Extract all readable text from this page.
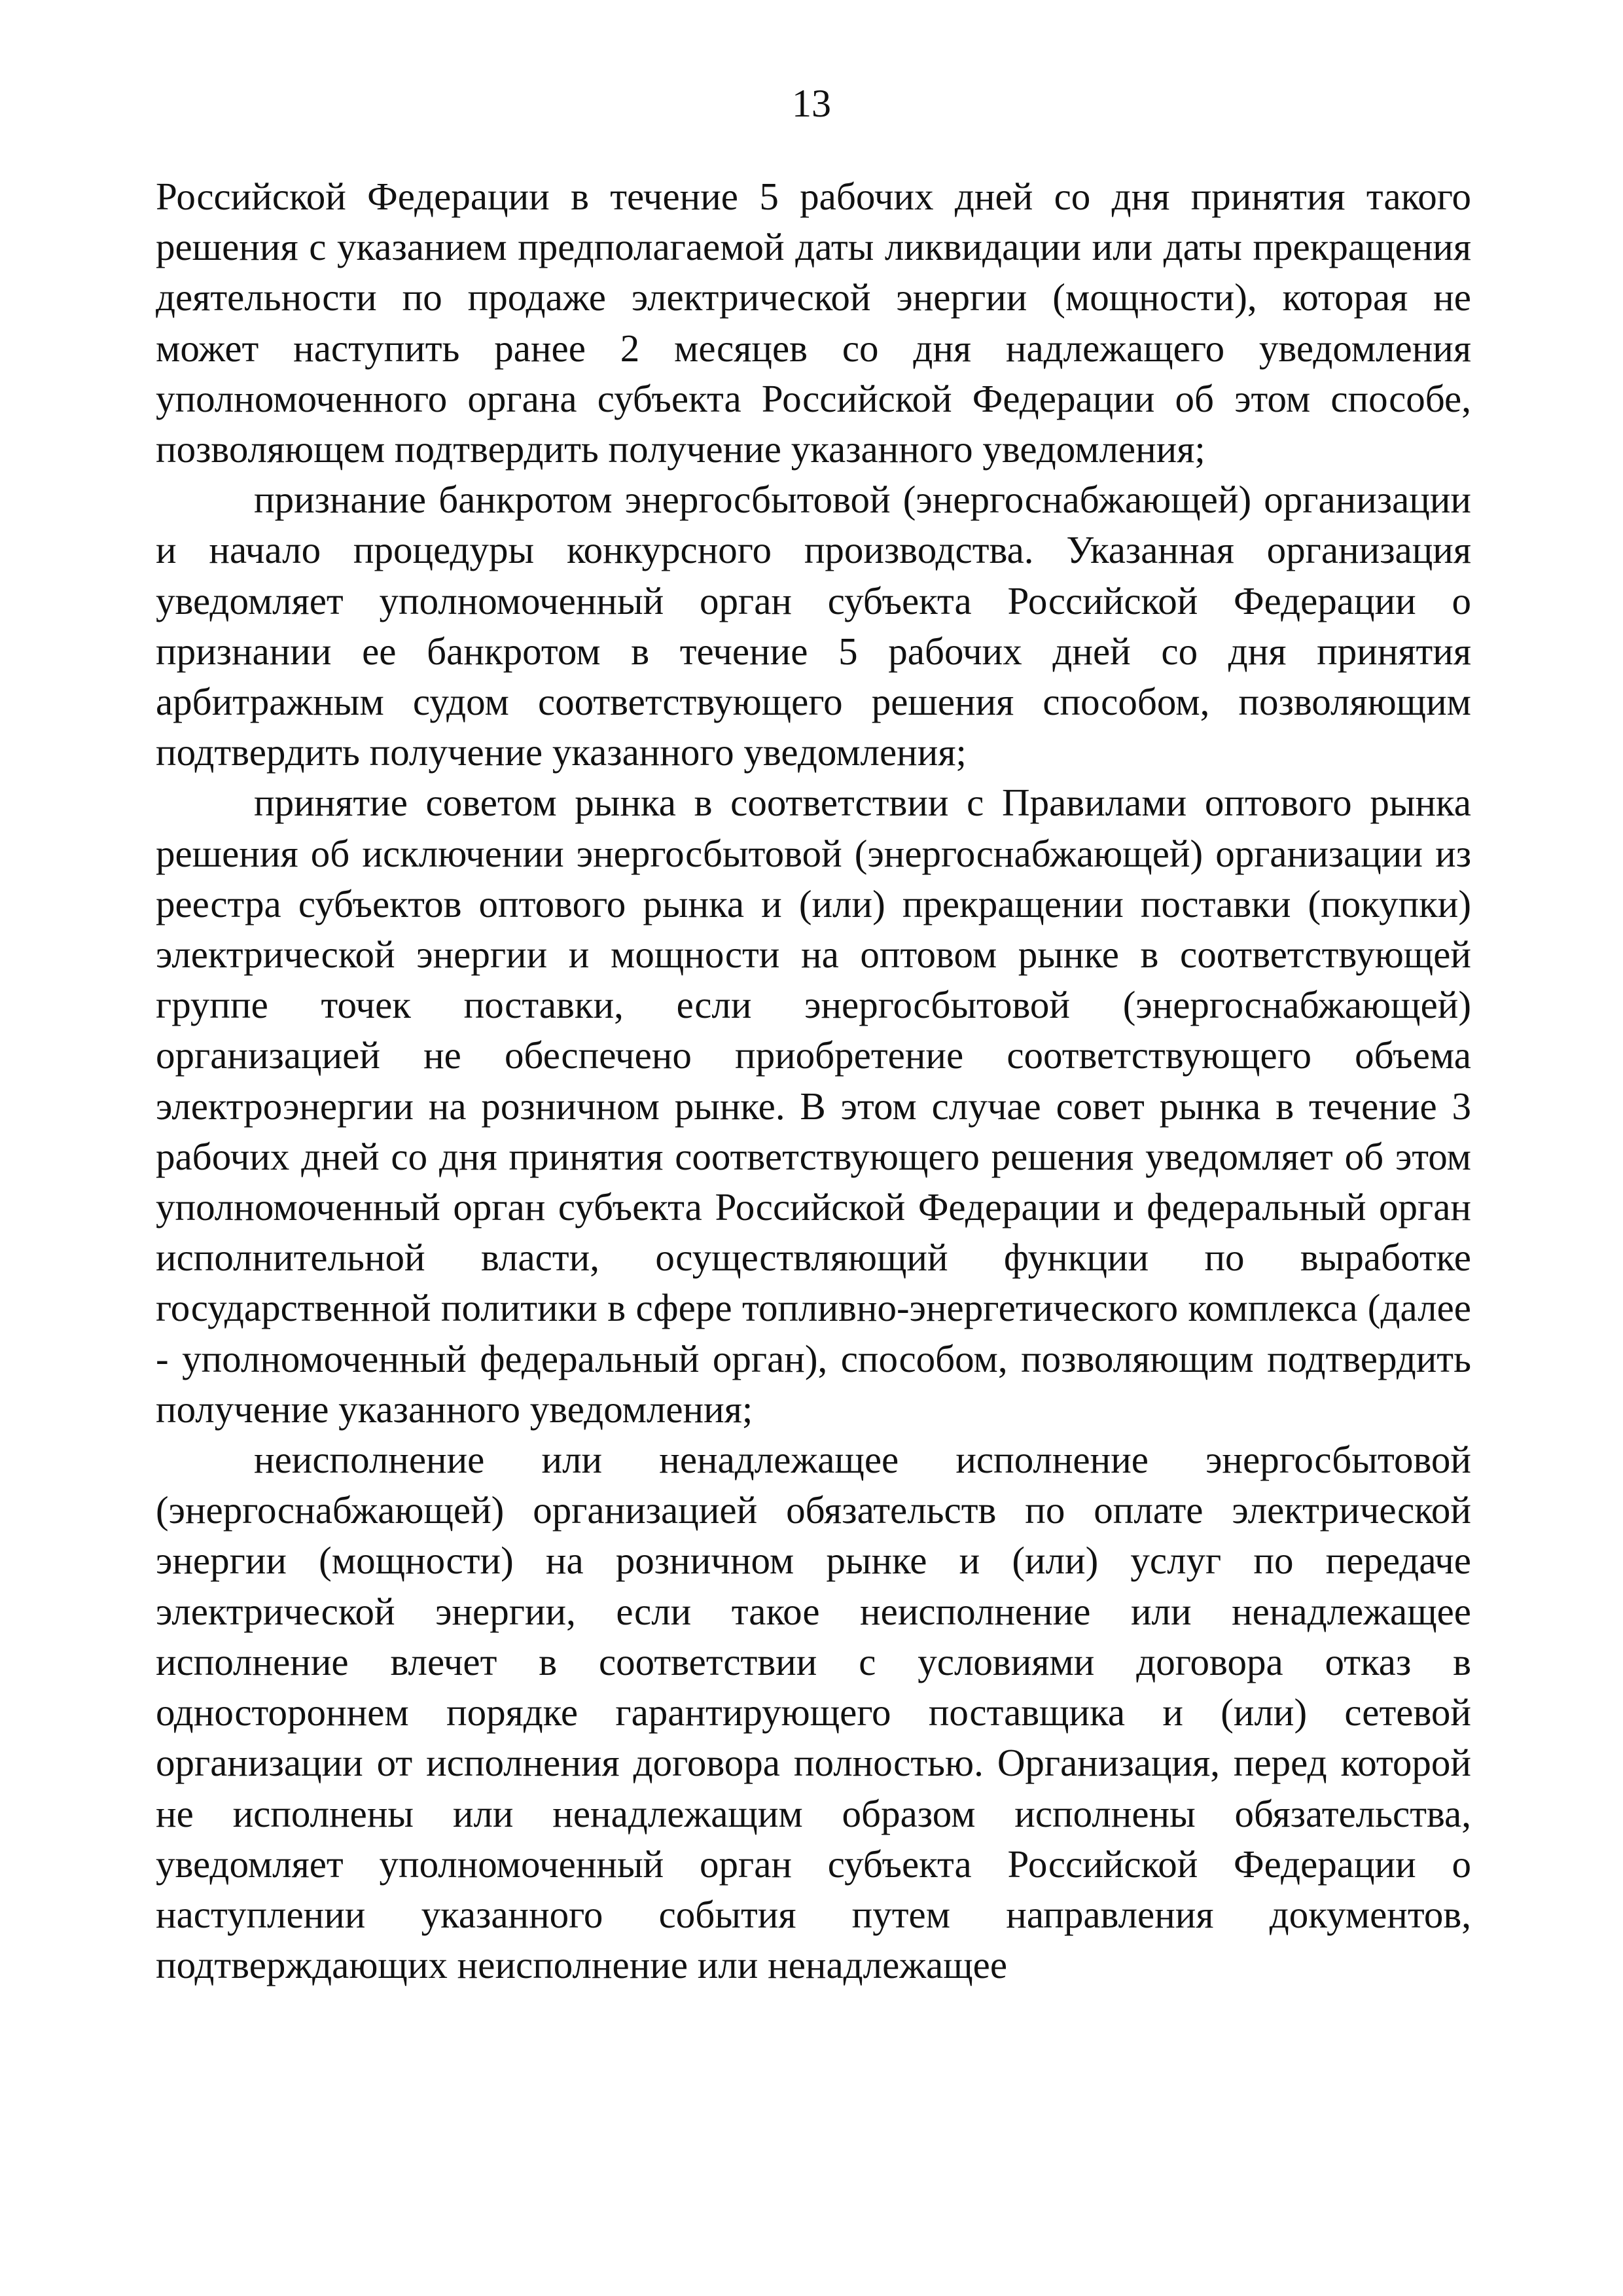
13

Российской Федерации в течение 5 рабочих дней со дня принятия такого решения с указанием предполагаемой даты ликвидации или даты прекращения деятельности по продаже электрической энергии (мощности), которая не может наступить ранее 2 месяцев со дня надлежащего уведомления уполномоченного органа субъекта Российской Федерации об этом способе, позволяющем подтвердить получение указанного уведомления;

признание банкротом энергосбытовой (энергоснабжающей) организации и начало процедуры конкурсного производства. Указанная организация уведомляет уполномоченный орган субъекта Российской Федерации о признании ее банкротом в течение 5 рабочих дней со дня принятия арбитражным судом соответствующего решения способом, позволяющим подтвердить получение указанного уведомления;

принятие советом рынка в соответствии с Правилами оптового рынка решения об исключении энергосбытовой (энергоснабжающей) организации из реестра субъектов оптового рынка и (или) прекращении поставки (покупки) электрической энергии и мощности на оптовом рынке в соответствующей группе точек поставки, если энергосбытовой (энергоснабжающей) организацией не обеспечено приобретение соответствующего объема электроэнергии на розничном рынке. В этом случае совет рынка в течение 3 рабочих дней со дня принятия соответствующего решения уведомляет об этом уполномоченный орган субъекта Российской Федерации и федеральный орган исполнительной власти, осуществляющий функции по выработке государственной политики в сфере топливно-энергетического комплекса (далее - уполномоченный федеральный орган), способом, позволяющим подтвердить получение указанного уведомления;

неисполнение или ненадлежащее исполнение энергосбытовой (энергоснабжающей) организацией обязательств по оплате электрической энергии (мощности) на розничном рынке и (или) услуг по передаче электрической энергии, если такое неисполнение или ненадлежащее исполнение влечет в соответствии с условиями договора отказ в одностороннем порядке гарантирующего поставщика и (или) сетевой организации от исполнения договора полностью. Организация, перед которой не исполнены или ненадлежащим образом исполнены обязательства, уведомляет уполномоченный орган субъекта Российской Федерации о наступлении указанного события путем направления документов, подтверждающих неисполнение или ненадлежащее
